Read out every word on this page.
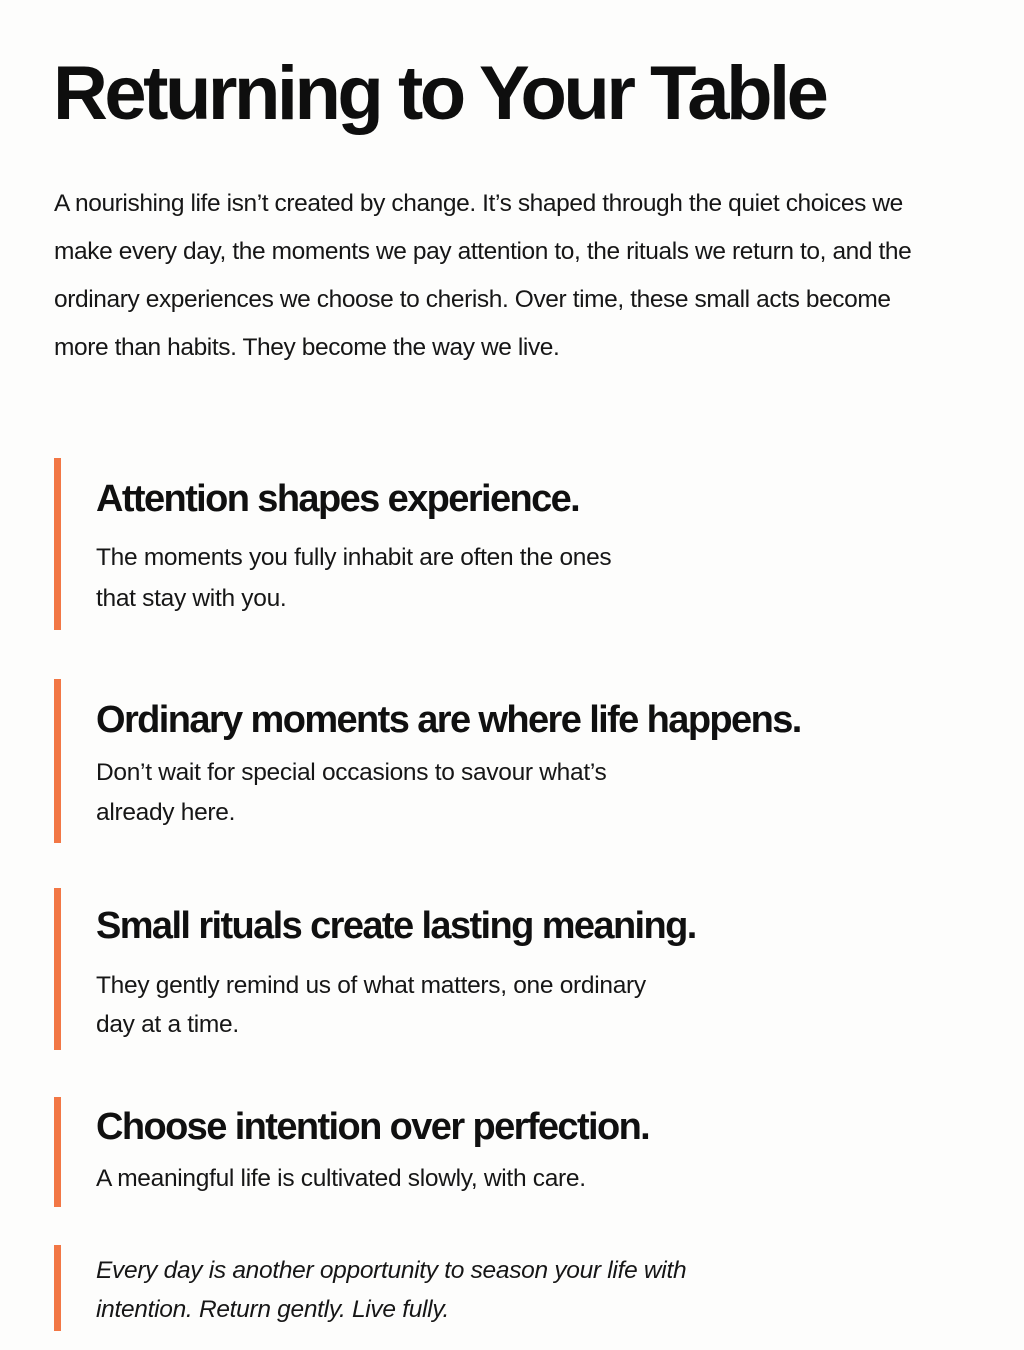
Returning to Your Table

A nourishing life isn’t created by change. It’s shaped through the quiet choices we make every day, the moments we pay attention to, the rituals we return to, and the ordinary experiences we choose to cherish. Over time, these small acts become more than habits. They become the way we live.

Attention shapes experience.

The moments you fully inhabit are often the ones that stay with you.

Ordinary moments are where life happens.

Don’t wait for special occasions to savour what’s already here.

Small rituals create lasting meaning.

They gently remind us of what matters, one ordinary day at a time.

Choose intention over perfection.

A meaningful life is cultivated slowly, with care.

Every day is another opportunity to season your life with intention. Return gently. Live fully.
